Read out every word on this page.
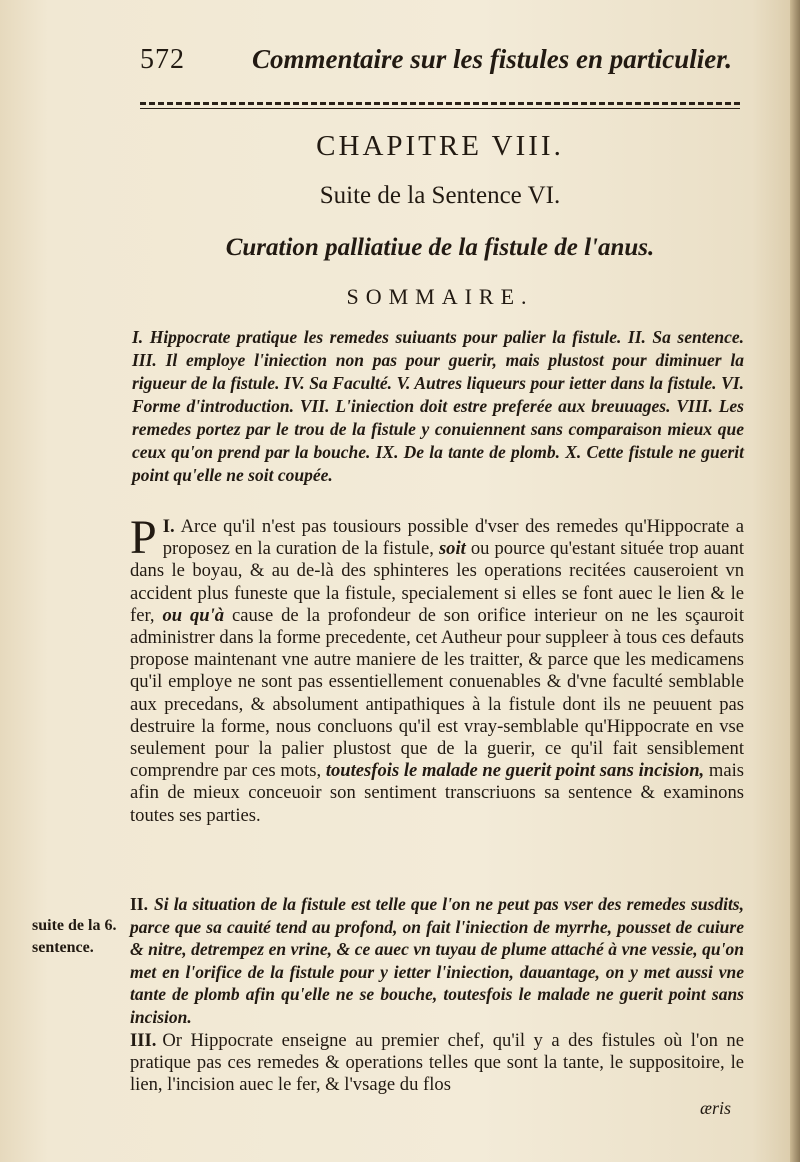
572 Commentaire sur les fistules en particulier.
CHAPITRE VIII.
Suite de la Sentence VI.
Curation palliatiue de la fistule de l'anus.
SOMMAIRE.
I. Hippocrate pratique les remedes suiuants pour palier la fistule. II. Sa sentence. III. Il employe l'iniection non pas pour guerir, mais plustost pour diminuer la rigueur de la fistule. IV. Sa Faculté. V. Autres liqueurs pour ietter dans la fistule. VI. Forme d'introduction. VII. L'iniection doit estre preferée aux breuuages. VIII. Les remedes portez par le trou de la fistule y conuiennent sans comparaison mieux que ceux qu'on prend par la bouche. IX. De la tante de plomb. X. Cette fistule ne guerit point qu'elle ne soit coupée.
I.
P Arce qu'il n'est pas tousiours possible d'vser des remedes qu'Hippocrate a proposez en la curation de la fistule, soit ou pource qu'estant située trop auant dans le boyau, & au de-là des sphinteres les operations recitées causeroient vn accident plus funeste que la fistule, specialement si elles se font auec le lien & le fer, ou qu'à cause de la profondeur de son orifice interieur on ne les sçauroit administrer dans la forme precedente, cet Autheur pour suppleer à tous ces defauts propose maintenant vne autre maniere de les traitter, & parce que les medicamens qu'il employe ne sont pas essentiellement conuenables & d'vne faculté semblable aux precedans, & absolument antipathiques à la fistule dont ils ne peuuent pas destruire la forme, nous concluons qu'il est vray-semblable qu'Hippocrate en vse seulement pour la palier plustost que de la guerir, ce qu'il fait sensiblement comprendre par ces mots, toutesfois le malade ne guerit point sans incision, mais afin de mieux conceuoir son sentiment transcriuons sa sentence & examinons toutes ses parties.
II. Si la situation de la fistule est telle que l'on ne peut pas vser des remedes susdits, parce que sa cauité tend au profond, on fait l'iniection de myrrhe, pousset de cuiure & nitre, detrempez en vrine, & ce auec vn tuyau de plume attaché à vne vessie, qu'on met en l'orifice de la fistule pour y ietter l'iniection, dauantage, on y met aussi vne tante de plomb afin qu'elle ne se bouche, toutesfois le malade ne guerit point sans incision.
suite de la 6. sentence.
III. Or Hippocrate enseigne au premier chef, qu'il y a des fistules où l'on ne pratique pas ces remedes & operations telles que sont la tante, le suppositoire, le lien, l'incision auec le fer, & l'vsage du flos
æris
